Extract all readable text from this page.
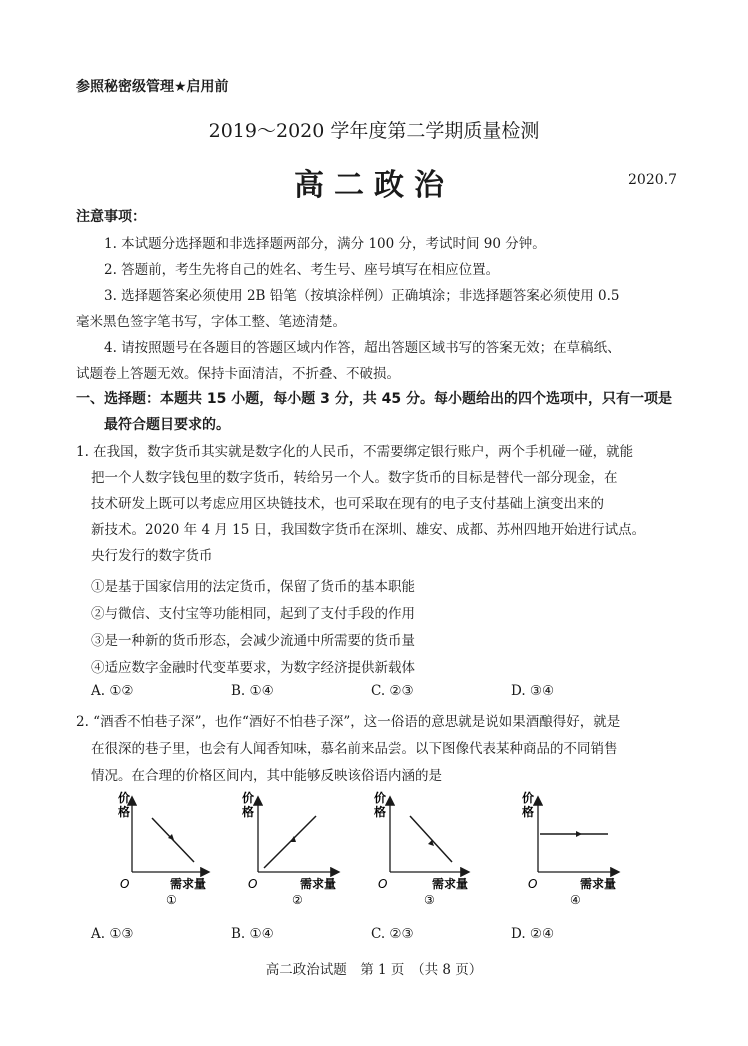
参照秘密级管理★启用前
2019～2020 学年度第二学期质量检测
高二政治	2020.7
注意事项：
1. 本试题分选择题和非选择题两部分，满分 100 分，考试时间 90 分钟。
2. 答题前，考生先将自己的姓名、考生号、座号填写在相应位置。
3. 选择题答案必须使用 2B 铅笔（按填涂样例）正确填涂；非选择题答案必须使用 0.5
毫米黑色签字笔书写，字体工整、笔迹清楚。
4. 请按照题号在各题目的答题区域内作答，超出答题区域书写的答案无效；在草稿纸、
试题卷上答题无效。保持卡面清洁，不折叠、不破损。
一、选择题：本题共 15 小题，每小题 3 分，共 45 分。每小题给出的四个选项中，只有一项是
最符合题目要求的。
1. 在我国，数字货币其实就是数字化的人民币，不需要绑定银行账户，两个手机碰一碰，就能
把一个人数字钱包里的数字货币，转给另一个人。数字货币的目标是替代一部分现金，在
技术研发上既可以考虑应用区块链技术，也可采取在现有的电子支付基础上演变出来的
新技术。2020 年 4 月 15 日，我国数字货币在深圳、雄安、成都、苏州四地开始进行试点。
央行发行的数字货币
①是基于国家信用的法定货币，保留了货币的基本职能
②与微信、支付宝等功能相同，起到了支付手段的作用
③是一种新的货币形态，会减少流通中所需要的货币量
④适应数字金融时代变革要求，为数字经济提供新载体
A. ①②	B. ①④	C. ②③	D. ③④
2. “酒香不怕巷子深”，也作“酒好不怕巷子深”，这一俗语的意思就是说如果酒酿得好，就是
在很深的巷子里，也会有人闻香知味，慕名前来品尝。以下图像代表某种商品的不同销售
情况。在合理的价格区间内，其中能够反映该俗语内涵的是
价
格
O	需求量
①
价
格
O	需求量
②
价
格
O	需求量
③
价
格
O	需求量
④
A. ①③	B. ①④	C. ②③	D. ②④
高二政治试题　第 1 页　（共 8 页）
